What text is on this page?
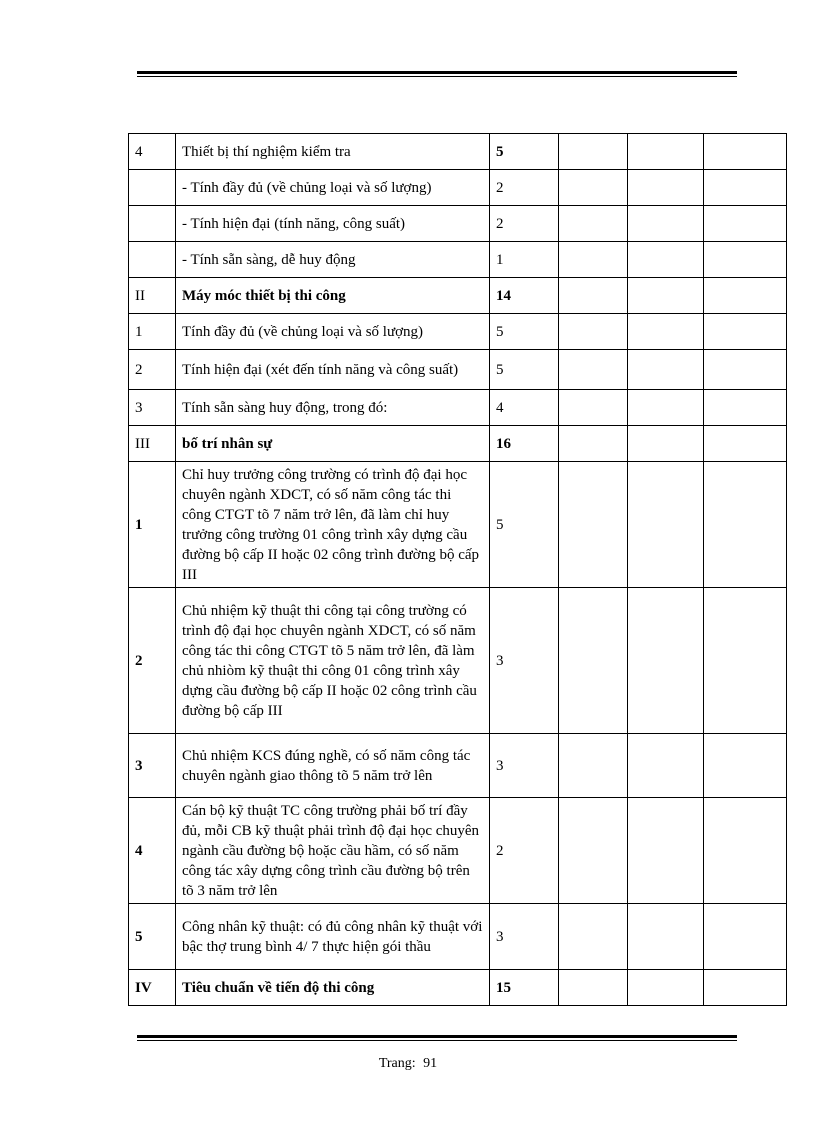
4	Thiết bị thí nghiệm kiểm tra	5			
	- Tính đầy đủ (về chủng loại và số lượng)	2			
	- Tính hiện đại (tính năng, công suất)	2			
	- Tính sẵn sàng, dễ huy động	1			
II	Máy móc thiết bị thi công	14			
1	Tính đầy đủ (về chủng loại và số lượng)	5			
2	Tính hiện đại (xét đến tính năng và công suất)	5			
3	Tính sẵn sàng huy động, trong đó:	4			
III	bố trí nhân sự	16			
1	Chỉ huy trưởng công trường có trình độ đại học chuyên ngành XDCT, có số năm công tác thi công CTGT tõ 7 năm trở lên, đã làm chỉ huy trưởng công trường 01 công trình xây dựng cầu đường bộ cấp II hoặc 02 công trình đường bộ cấp III	5			
2	Chủ nhiệm kỹ thuật thi công tại công trường có trình độ đại học chuyên ngành XDCT, có số năm công tác thi công CTGT tõ 5 năm trở lên, đã làm chủ nhiòm kỹ thuật thi công 01 công trình xây dựng cầu đường bộ cấp II hoặc 02 công trình cầu đường bộ cấp III	3			
3	Chủ nhiệm KCS đúng nghề, có số năm công tác chuyên ngành giao thông tõ 5 năm trở lên	3			
4	Cán bộ kỹ thuật TC công trường phải bố trí đầy đủ, mỗi CB kỹ thuật phải trình độ đại học chuyên ngành cầu đường bộ hoặc cầu hầm, có số năm công tác xây dựng công trình cầu đường bộ trên tõ 3 năm trở lên	2			
5	Công nhân kỹ thuật: có đủ công nhân kỹ thuật với bậc thợ trung bình 4/ 7 thực hiện gói thầu	3			
IV	Tiêu chuẩn về tiến độ thi công	15			
Trang: 91
